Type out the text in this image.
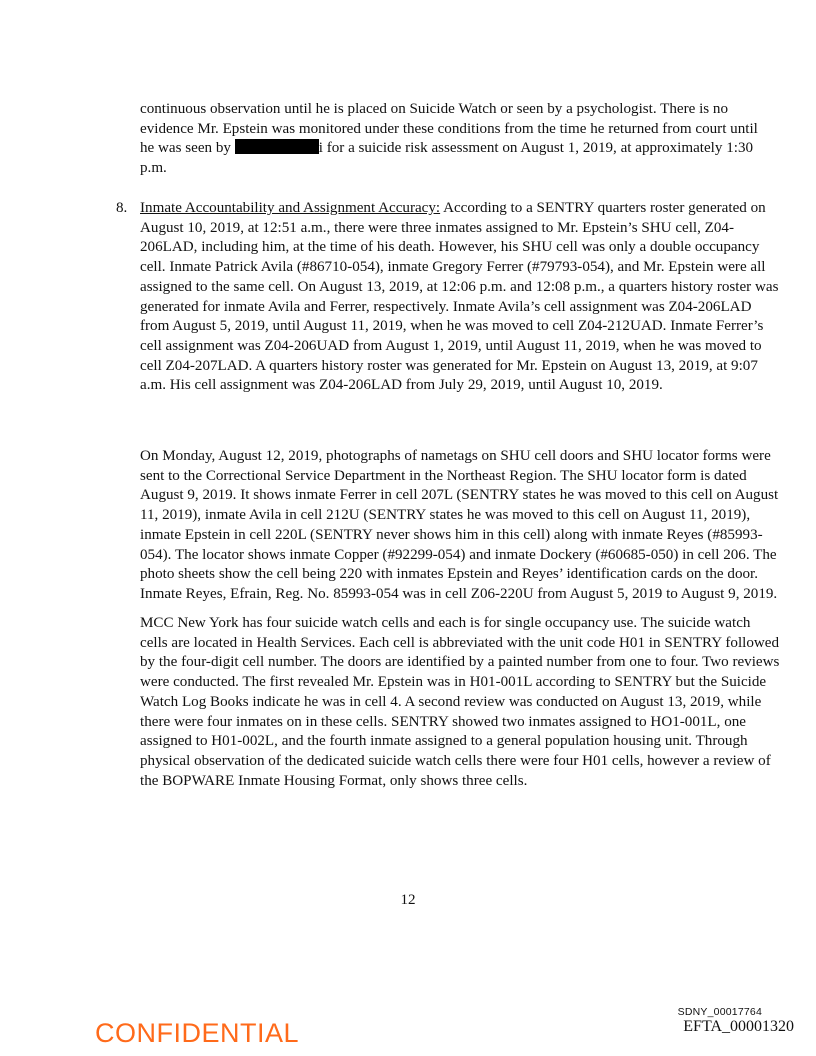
continuous observation until he is placed on Suicide Watch or seen by a psychologist. There is no evidence Mr. Epstein was monitored under these conditions from the time he returned from court until he was seen by	i for a suicide risk assessment on August 1, 2019, at approximately 1:30 p.m.

8. Inmate Accountability and Assignment Accuracy: According to a SENTRY quarters roster generated on August 10, 2019, at 12:51 a.m., there were three inmates assigned to Mr. Epstein’s SHU cell, Z04-206LAD, including him, at the time of his death. However, his SHU cell was only a double occupancy cell. Inmate Patrick Avila (#86710-054), inmate Gregory Ferrer (#79793-054), and Mr. Epstein were all assigned to the same cell. On August 13, 2019, at 12:06 p.m. and 12:08 p.m., a quarters history roster was generated for inmate Avila and Ferrer, respectively. Inmate Avila’s cell assignment was Z04-206LAD from August 5, 2019, until August 11, 2019, when he was moved to cell Z04-212UAD. Inmate Ferrer’s cell assignment was Z04-206UAD from August 1, 2019, until August 11, 2019, when he was moved to cell Z04-207LAD. A quarters history roster was generated for Mr. Epstein on August 13, 2019, at 9:07 a.m. His cell assignment was Z04-206LAD from July 29, 2019, until August 10, 2019.

On Monday, August 12, 2019, photographs of nametags on SHU cell doors and SHU locator forms were sent to the Correctional Service Department in the Northeast Region. The SHU locator form is dated August 9, 2019. It shows inmate Ferrer in cell 207L (SENTRY states he was moved to this cell on August 11, 2019), inmate Avila in cell 212U (SENTRY states he was moved to this cell on August 11, 2019), inmate Epstein in cell 220L (SENTRY never shows him in this cell) along with inmate Reyes (#85993-054). The locator shows inmate Copper (#92299-054) and inmate Dockery (#60685-050) in cell 206. The photo sheets show the cell being 220 with inmates Epstein and Reyes’ identification cards on the door. Inmate Reyes, Efrain, Reg. No. 85993-054 was in cell Z06-220U from August 5, 2019 to August 9, 2019.

MCC New York has four suicide watch cells and each is for single occupancy use. The suicide watch cells are located in Health Services. Each cell is abbreviated with the unit code H01 in SENTRY followed by the four-digit cell number. The doors are identified by a painted number from one to four. Two reviews were conducted. The first revealed Mr. Epstein was in H01-001L according to SENTRY but the Suicide Watch Log Books indicate he was in cell 4. A second review was conducted on August 13, 2019, while there were four inmates on in these cells. SENTRY showed two inmates assigned to HO1-001L, one assigned to H01-002L, and the fourth inmate assigned to a general population housing unit. Through physical observation of the dedicated suicide watch cells there were four H01 cells, however a review of the BOPWARE Inmate Housing Format, only shows three cells.

12
SDNY_00017764
CONFIDENTIAL	EFTA_00001320
